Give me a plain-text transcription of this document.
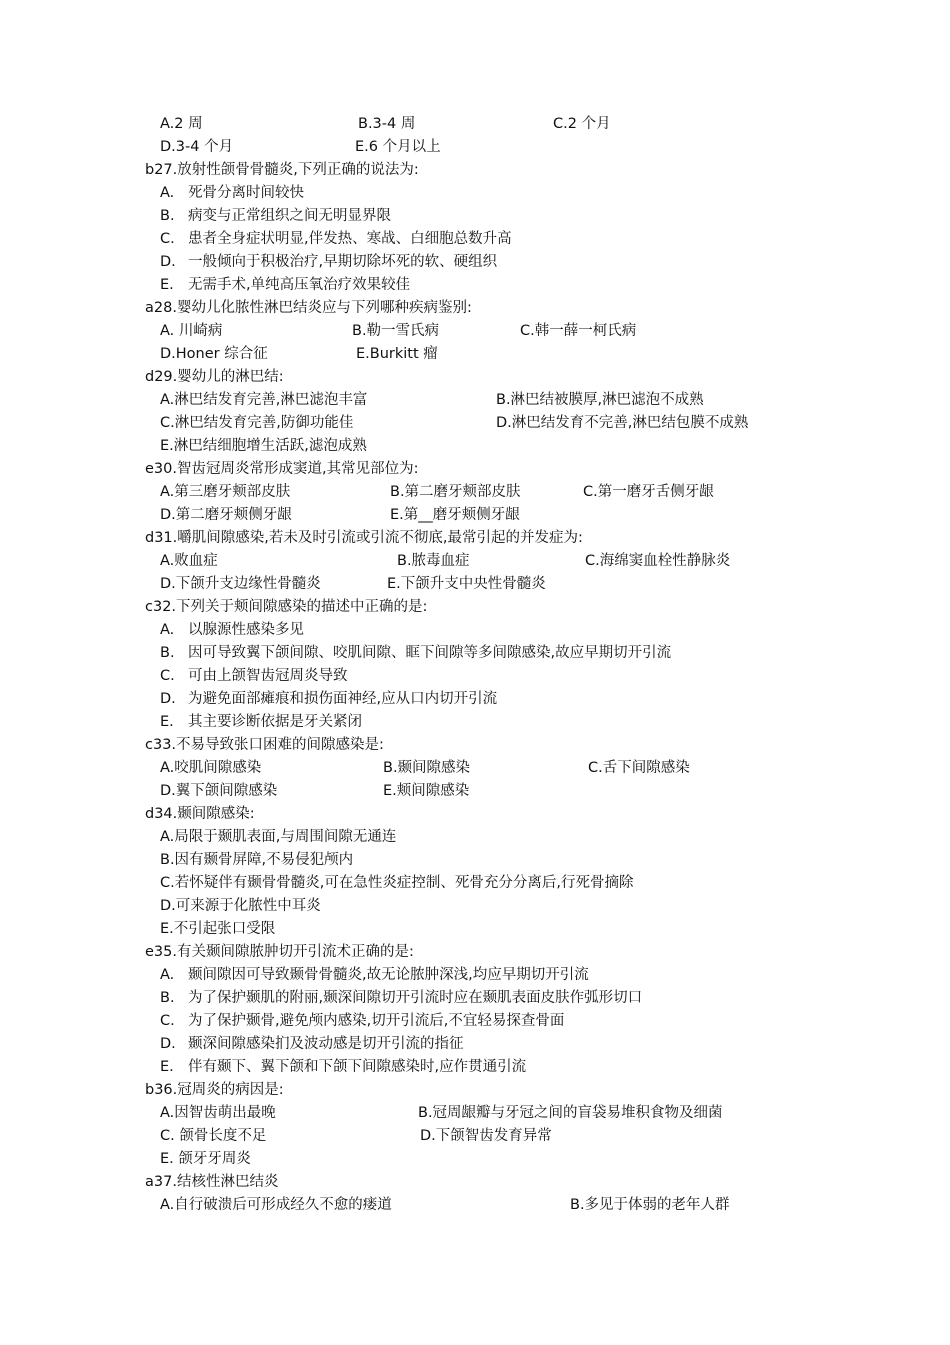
A.2 周	B.3-4 周	C.2 个月
D.3-4 个月	E.6 个月以上
b27.放射性颌骨骨髓炎,下列正确的说法为:
A. 死骨分离时间较快
B. 病变与正常组织之间无明显界限
C. 患者全身症状明显,伴发热、寒战、白细胞总数升高
D. 一般倾向于积极治疗,早期切除坏死的软、硬组织
E. 无需手术,单纯高压氧治疗效果较佳
a28.婴幼儿化脓性淋巴结炎应与下列哪种疾病鉴别:
A. 川崎病	B.勒一雪氏病	C.韩一薛一柯氏病
D.Honer 综合征	E.Burkitt 瘤
d29.婴幼儿的淋巴结:
A.淋巴结发育完善,淋巴滤泡丰富	B.淋巴结被膜厚,淋巴滤泡不成熟
C.淋巴结发育完善,防御功能佳	D.淋巴结发育不完善,淋巴结包膜不成熟
E.淋巴结细胞增生活跃,滤泡成熟
e30.智齿冠周炎常形成窦道,其常见部位为:
A.第三磨牙颊部皮肤	B.第二磨牙颊部皮肤	C.第一磨牙舌侧牙龈
D.第二磨牙颊侧牙龈	E.第__磨牙颊侧牙龈
d31.嚼肌间隙感染,若未及时引流或引流不彻底,最常引起的并发症为:
A.败血症	B.脓毒血症	C.海绵窦血栓性静脉炎
D.下颌升支边缘性骨髓炎	E.下颌升支中央性骨髓炎
c32.下列关于颊间隙感染的描述中正确的是:
A. 以腺源性感染多见
B. 因可导致翼下颌间隙、咬肌间隙、眶下间隙等多间隙感染,故应早期切开引流
C. 可由上颌智齿冠周炎导致
D. 为避免面部瘫痕和损伤面神经,应从口内切开引流
E. 其主要诊断依据是牙关紧闭
c33.不易导致张口困难的间隙感染是:
A.咬肌间隙感染	B.颞间隙感染	C.舌下间隙感染
D.翼下颌间隙感染	E.颊间隙感染
d34.颞间隙感染:
A.局限于颞肌表面,与周围间隙无通连
B.因有颞骨屏障,不易侵犯颅内
C.若怀疑伴有颞骨骨髓炎,可在急性炎症控制、死骨充分分离后,行死骨摘除
D.可来源于化脓性中耳炎
E.不引起张口受限
e35.有关颞间隙脓肿切开引流术正确的是:
A. 颞间隙因可导致颞骨骨髓炎,故无论脓肿深浅,均应早期切开引流
B. 为了保护颞肌的附丽,颞深间隙切开引流时应在颞肌表面皮肤作弧形切口
C. 为了保护颞骨,避免颅内感染,切开引流后,不宜轻易探查骨面
D. 颞深间隙感染扪及波动感是切开引流的指征
E. 伴有颞下、翼下颌和下颌下间隙感染时,应作贯通引流
b36.冠周炎的病因是:
A.因智齿萌出最晚	B.冠周龈瓣与牙冠之间的盲袋易堆积食物及细菌
C. 颌骨长度不足	D.下颌智齿发育异常
E. 颌牙牙周炎
a37.结核性淋巴结炎
A.自行破溃后可形成经久不愈的瘘道	B.多见于体弱的老年人群
